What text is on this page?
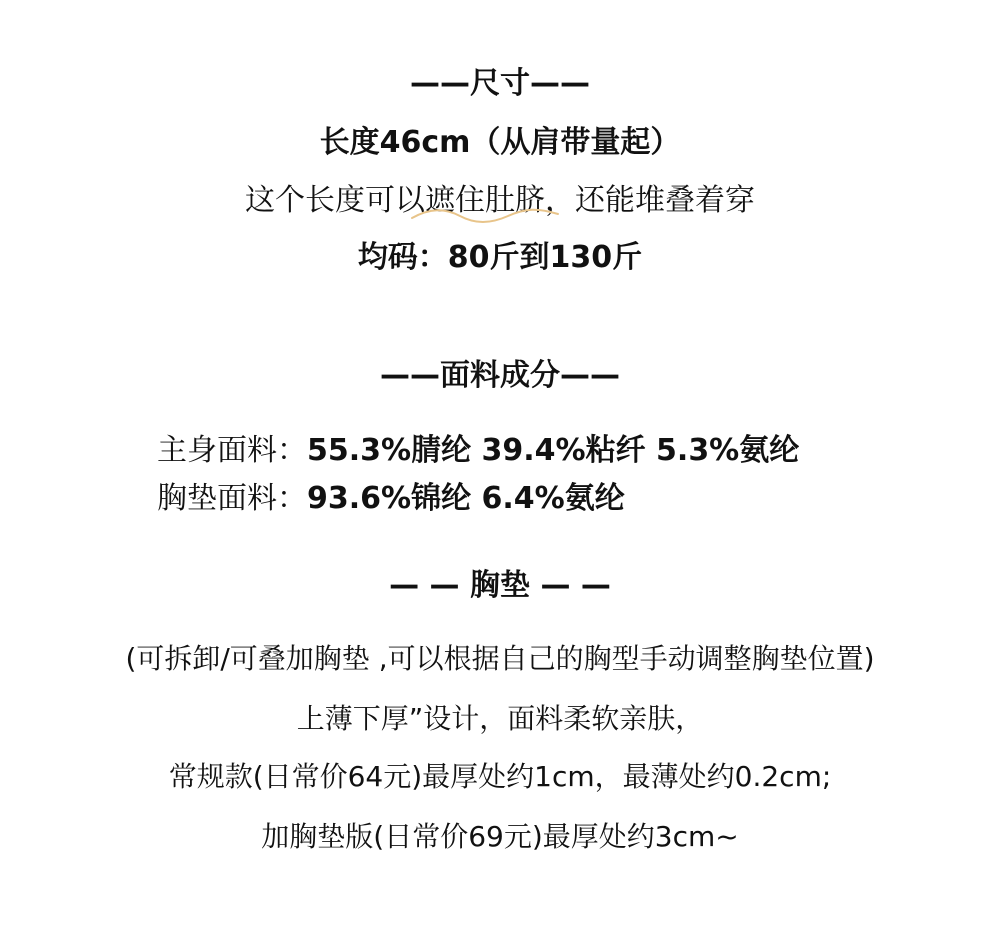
——尺寸——
长度46cm（从肩带量起）
这个长度可以遮住肚脐，还能堆叠着穿
均码：80斤到130斤
——面料成分——
主身面料：55.3%腈纶 39.4%粘纤 5.3%氨纶
胸垫面料：93.6%锦纶 6.4%氨纶
— — 胸垫 — —
(可拆卸/可叠加胸垫 ,可以根据自己的胸型手动调整胸垫位置)
上薄下厚”设计，面料柔软亲肤，
常规款(日常价64元)最厚处约1cm，最薄处约0.2cm;
加胸垫版(日常价69元)最厚处约3cm~
